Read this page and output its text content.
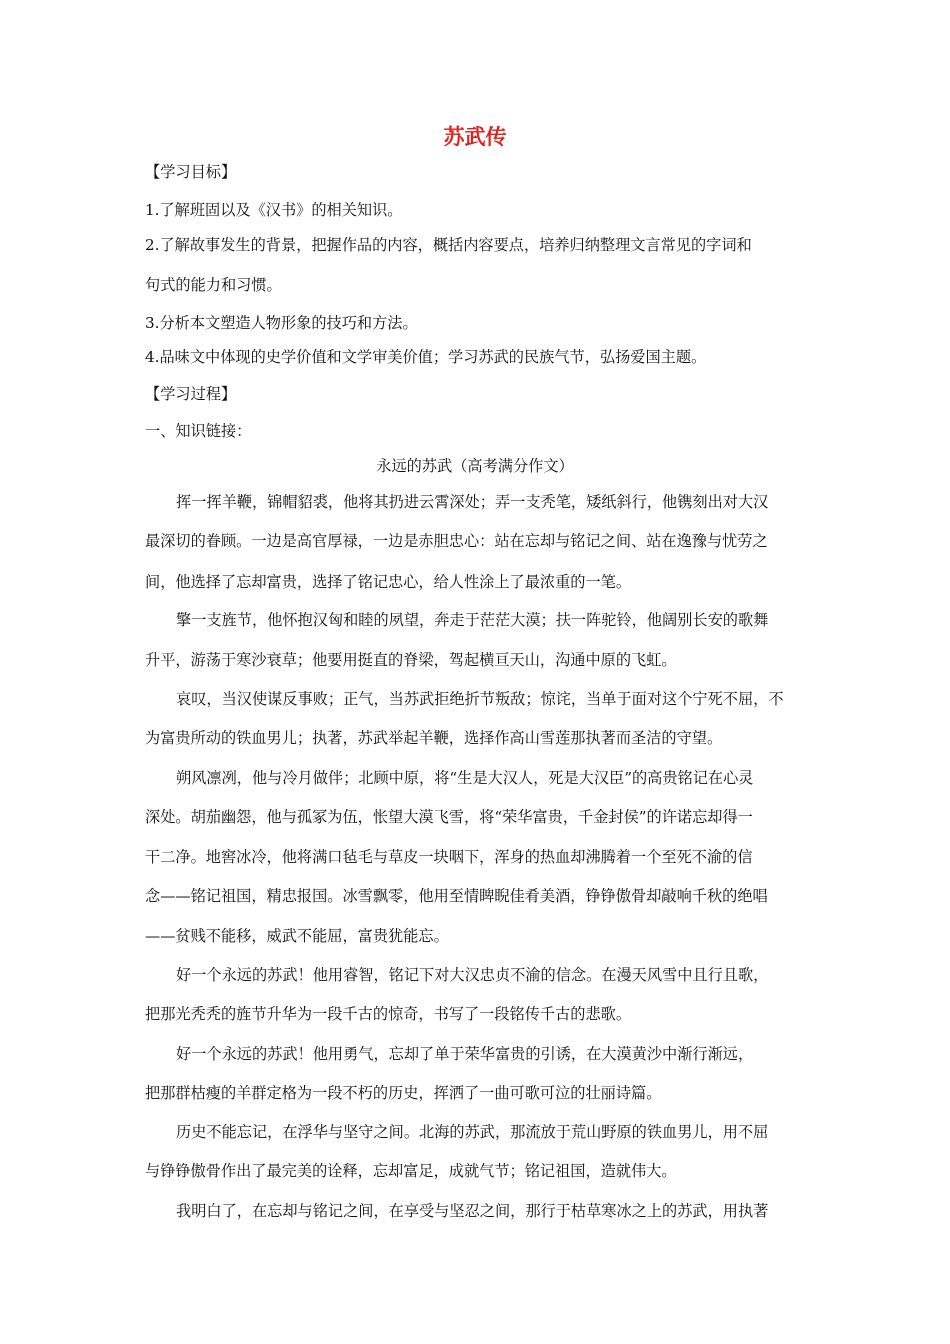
苏武传
【学习目标】
1.了解班固以及《汉书》的相关知识。
2.了解故事发生的背景，把握作品的内容，概括内容要点，培养归纳整理文言常见的字词和
句式的能力和习惯。
3.分析本文塑造人物形象的技巧和方法。
4.品味文中体现的史学价值和文学审美价值；学习苏武的民族气节，弘扬爱国主题。
【学习过程】
一、知识链接：
永远的苏武（高考满分作文）
挥一挥羊鞭，锦帽貂裘，他将其扔进云霄深处；弄一支秃笔，矮纸斜行，他镌刻出对大汉
最深切的眷顾。一边是高官厚禄，一边是赤胆忠心：站在忘却与铭记之间、站在逸豫与忧劳之
间，他选择了忘却富贵，选择了铭记忠心，给人性涂上了最浓重的一笔。
擎一支旌节，他怀抱汉匈和睦的夙望，奔走于茫茫大漠；扶一阵驼铃，他阔别长安的歌舞
升平，游荡于寒沙衰草；他要用挺直的脊梁，驾起横亘天山，沟通中原的飞虹。
哀叹，当汉使谋反事败；正气，当苏武拒绝折节叛敌；惊诧，当单于面对这个宁死不屈，不
为富贵所动的铁血男儿；执著，苏武举起羊鞭，选择作高山雪莲那执著而圣洁的守望。
朔风凛冽，他与冷月做伴；北顾中原，将“生是大汉人，死是大汉臣”的高贵铭记在心灵
深处。胡茄幽怨，他与孤冢为伍，怅望大漠飞雪，将“荣华富贵，千金封侯”的许诺忘却得一
干二净。地窖冰冷，他将满口毡毛与草皮一块咽下，浑身的热血却沸腾着一个至死不渝的信
念——铭记祖国，精忠报国。冰雪飘零，他用至情睥睨佳肴美酒，铮铮傲骨却敲响千秋的绝唱
——贫贱不能移，威武不能屈，富贵犹能忘。
好一个永远的苏武！他用睿智，铭记下对大汉忠贞不渝的信念。在漫天风雪中且行且歌，
把那光秃秃的旌节升华为一段千古的惊奇，书写了一段铭传千古的悲歌。
好一个永远的苏武！他用勇气，忘却了单于荣华富贵的引诱，在大漠黄沙中渐行渐远，
把那群枯瘦的羊群定格为一段不朽的历史，挥洒了一曲可歌可泣的壮丽诗篇。
历史不能忘记，在浮华与坚守之间。北海的苏武，那流放于荒山野原的铁血男儿，用不屈
与铮铮傲骨作出了最完美的诠释，忘却富足，成就气节；铭记祖国，造就伟大。
我明白了，在忘却与铭记之间，在享受与坚忍之间，那行于枯草寒冰之上的苏武，用执著
